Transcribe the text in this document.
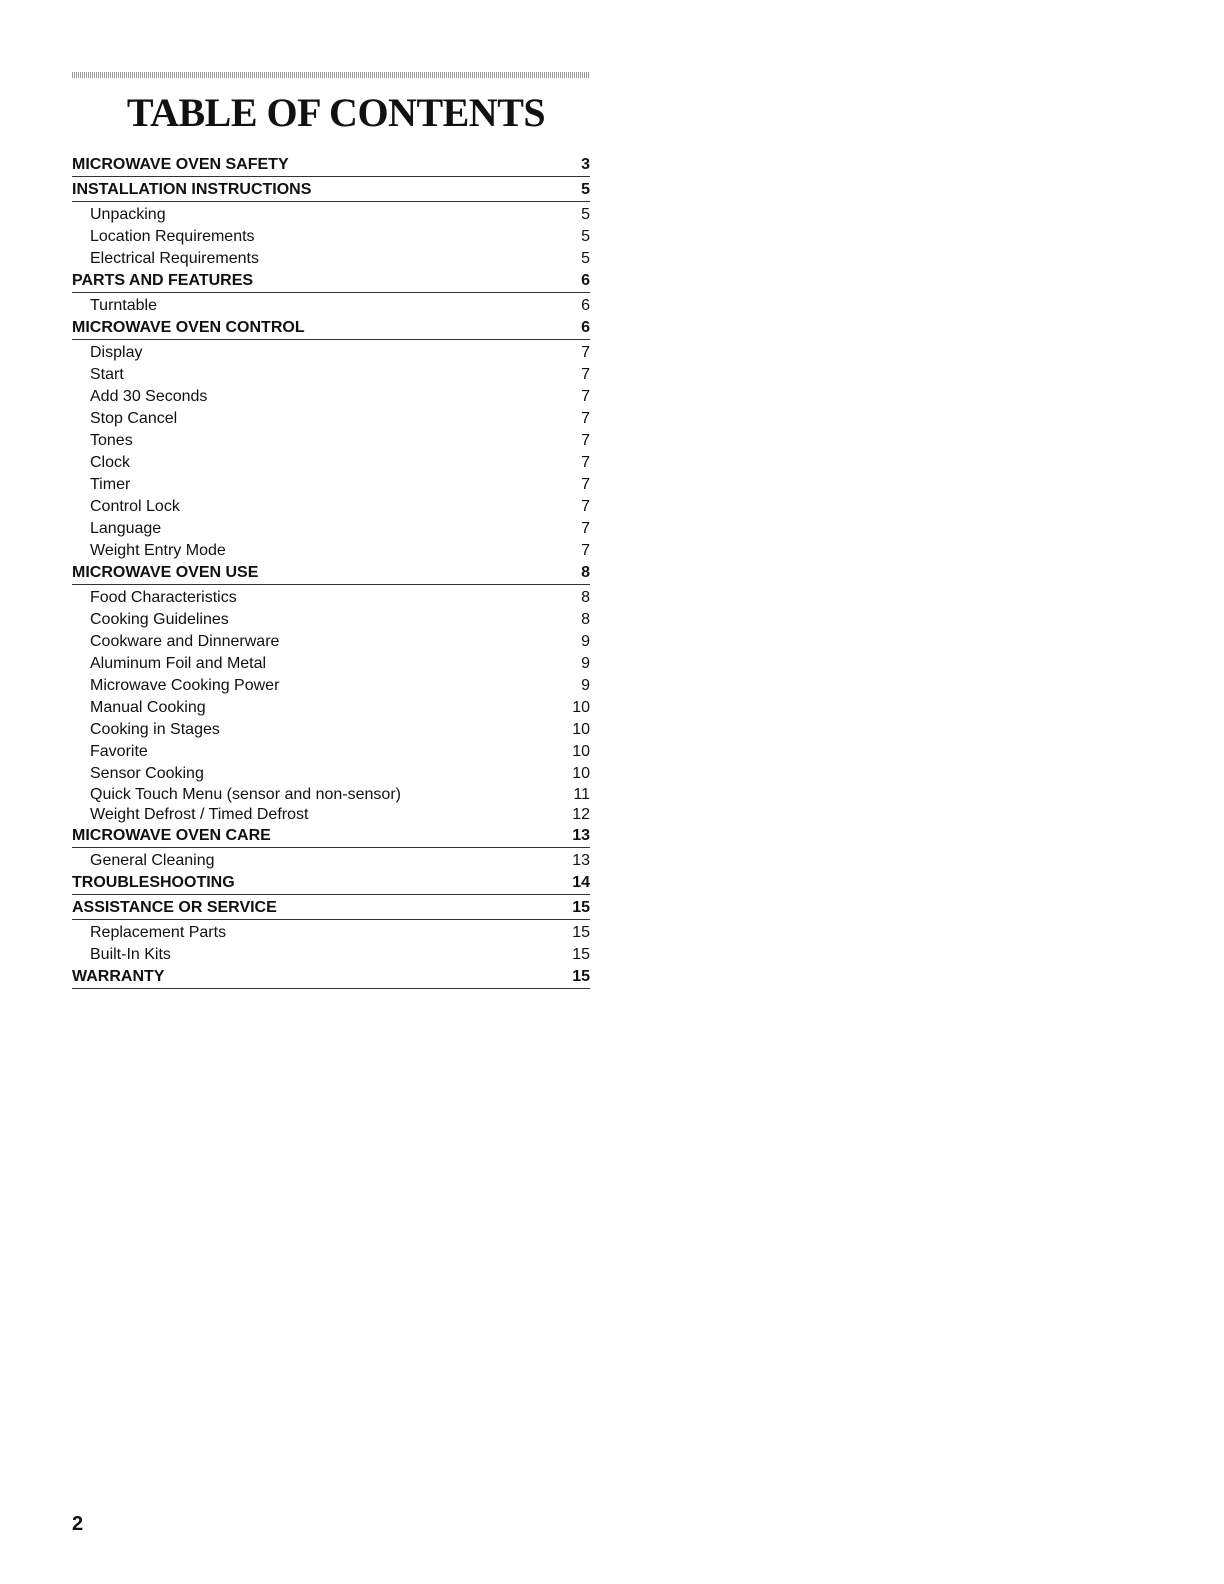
TABLE OF CONTENTS
MICROWAVE OVEN SAFETY	3
INSTALLATION INSTRUCTIONS	5
Unpacking	5
Location Requirements	5
Electrical Requirements	5
PARTS AND FEATURES	6
Turntable	6
MICROWAVE OVEN CONTROL	6
Display	7
Start	7
Add 30 Seconds	7
Stop Cancel	7
Tones	7
Clock	7
Timer	7
Control Lock	7
Language	7
Weight Entry Mode	7
MICROWAVE OVEN USE	8
Food Characteristics	8
Cooking Guidelines	8
Cookware and Dinnerware	9
Aluminum Foil and Metal	9
Microwave Cooking Power	9
Manual Cooking	10
Cooking in Stages	10
Favorite	10
Sensor Cooking	10
Quick Touch Menu (sensor and non-sensor)	11
Weight Defrost / Timed Defrost	12
MICROWAVE OVEN CARE	13
General Cleaning	13
TROUBLESHOOTING	14
ASSISTANCE OR SERVICE	15
Replacement Parts	15
Built-In Kits	15
WARRANTY	15
2
